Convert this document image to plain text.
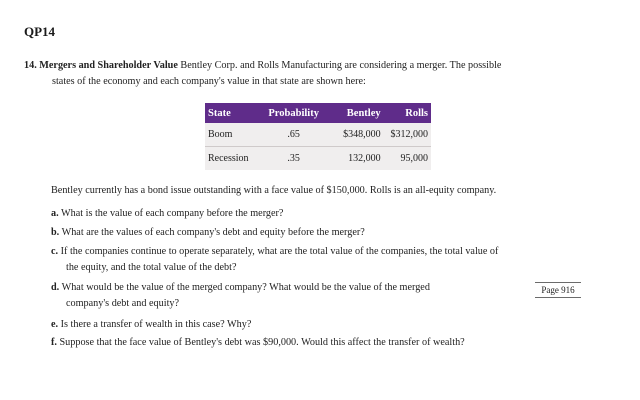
QP14
14. Mergers and Shareholder Value Bentley Corp. and Rolls Manufacturing are considering a merger. The possible
states of the economy and each company's value in that state are shown here:
State	Probability	Bentley	Rolls
Boom	.65	$348,000	$312,000
Recession	.35	132,000	95,000
Bentley currently has a bond issue outstanding with a face value of $150,000. Rolls is an all-equity company.
a. What is the value of each company before the merger?
b. What are the values of each company's debt and equity before the merger?
c. If the companies continue to operate separately, what are the total value of the companies, the total value of
the equity, and the total value of the debt?
d. What would be the value of the merged company? What would be the value of the merged
company's debt and equity?
Page 916
e. Is there a transfer of wealth in this case? Why?
f. Suppose that the face value of Bentley's debt was $90,000. Would this affect the transfer of wealth?
